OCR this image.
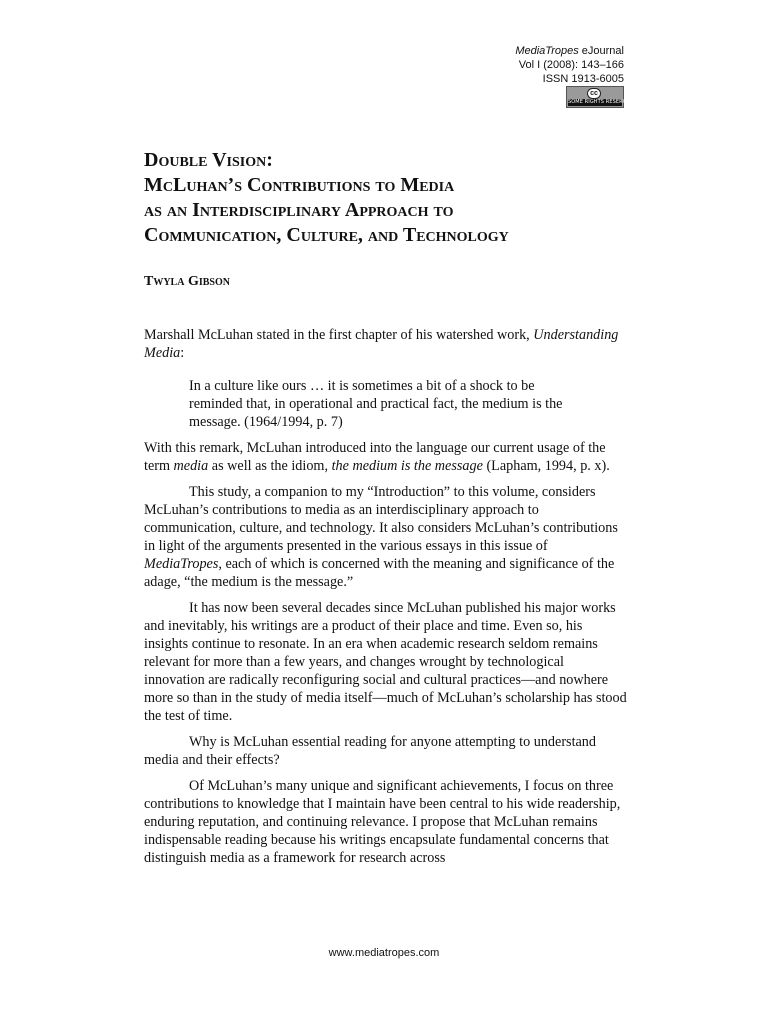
MediaTropes eJournal
Vol I (2008): 143–166
ISSN 1913-6005
cc
SOME RIGHTS RESERVED
Double Vision:
McLuhan’s Contributions to Media
as an Interdisciplinary Approach to
Communication, Culture, and Technology
Twyla Gibson

Marshall McLuhan stated in the first chapter of his watershed work, Understanding Media:

In a culture like ours … it is sometimes a bit of a shock to be reminded that, in operational and practical fact, the medium is the message. (1964/1994, p. 7)

With this remark, McLuhan introduced into the language our current usage of the term media as well as the idiom, the medium is the message (Lapham, 1994, p. x).

This study, a companion to my “Introduction” to this volume, considers McLuhan’s contributions to media as an interdisciplinary approach to communication, culture, and technology. It also considers McLuhan’s contributions in light of the arguments presented in the various essays in this issue of MediaTropes, each of which is concerned with the meaning and significance of the adage, “the medium is the message.”

It has now been several decades since McLuhan published his major works and inevitably, his writings are a product of their place and time. Even so, his insights continue to resonate. In an era when academic research seldom remains relevant for more than a few years, and changes wrought by technological innovation are radically reconfiguring social and cultural practices—and nowhere more so than in the study of media itself—much of McLuhan’s scholarship has stood the test of time.

Why is McLuhan essential reading for anyone attempting to understand media and their effects?

Of McLuhan’s many unique and significant achievements, I focus on three contributions to knowledge that I maintain have been central to his wide readership, enduring reputation, and continuing relevance. I propose that McLuhan remains indispensable reading because his writings encapsulate fundamental concerns that distinguish media as a framework for research across

www.mediatropes.com
